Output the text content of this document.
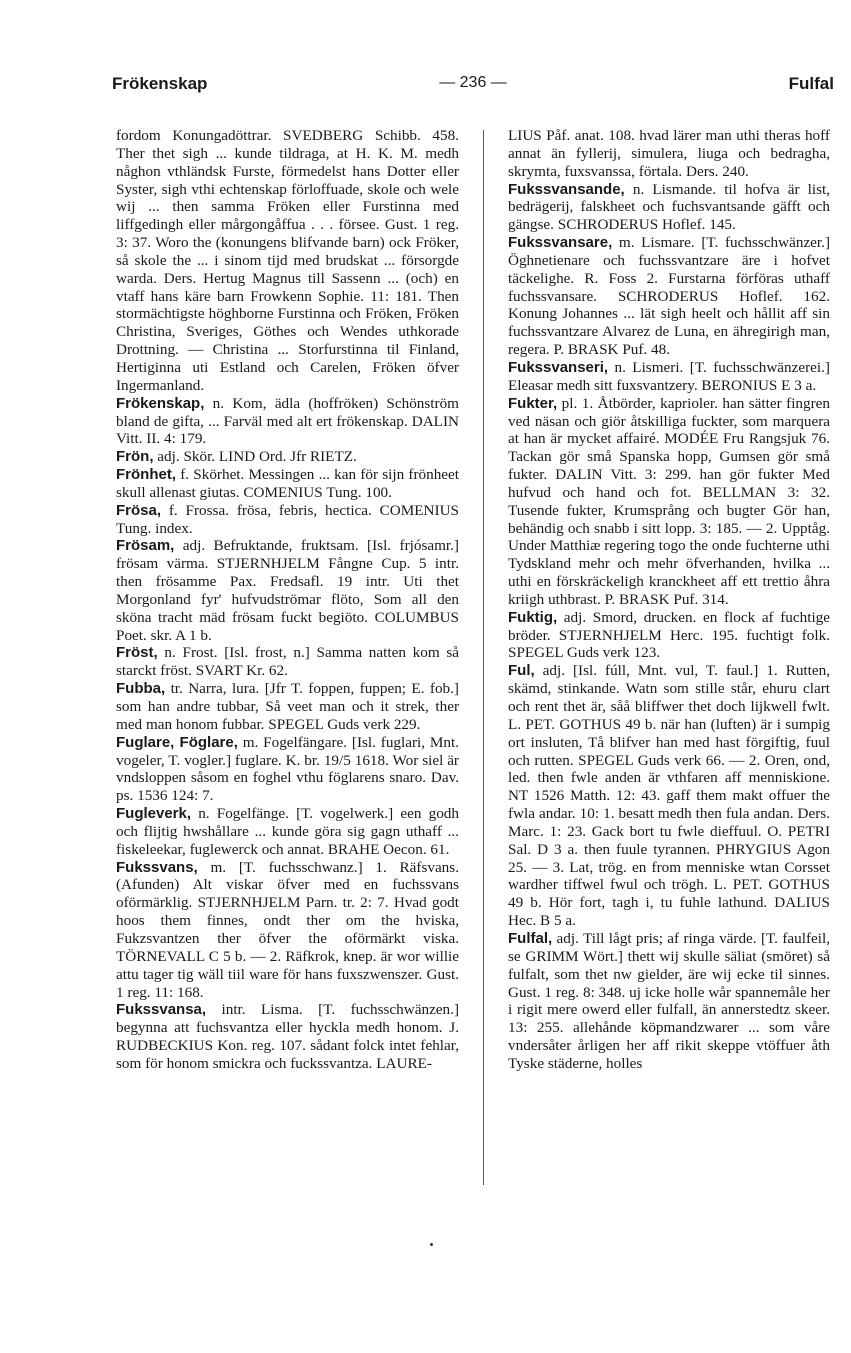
Frökenskap	— 236 —	Fulfal

fordom Konungadöttrar. SVEDBERG Schibb. 458. Ther thet sigh ... kunde tildraga, at H. K. M. medh någhon vthländsk Furste, förmedelst hans Dotter eller Syster, sigh vthi echtenskap förloffuade, skole och wele wij ... then samma Fröken eller Furstinna med liffgedingh eller mårgongåffua . . . försee. Gust. 1 reg. 3: 37. Woro the (konungens blifvande barn) ock Fröker, så skole the ... i sinom tijd med brudskat ... försorgde warda. Ders. Hertug Magnus till Sassenn ... (och) en vtaff hans käre barn Frowkenn Sophie. 11: 181. Then stormächtigste höghborne Furstinna och Fröken, Fröken Christina, Sveriges, Göthes och Wendes uthkorade Drottning. — Christina ... Storfurstinna til Finland, Hertiginna uti Estland och Carelen, Fröken öfver Ingermanland.

Frökenskap, n. Kom, ädla (hoffröken) Schönström bland de gifta, ... Farväl med alt ert frökenskap. DALIN Vitt. II. 4: 179.

Frön, adj. Skör. LIND Ord. Jfr RIETZ.

Frönhet, f. Skörhet. Messingen ... kan för sijn frönheet skull allenast giutas. COMENIUS Tung. 100.

Frösa, f. Frossa. frösa, febris, hectica. COMENIUS Tung. index.

Frösam, adj. Befruktande, fruktsam. [Isl. frjósamr.] frösam värma. STJERNHJELM Fångne Cup. 5 intr. then frösamme Pax. Fredsafl. 19 intr. Uti thet Morgonland fyr' hufvudströmar flöto, Som all den sköna tracht mäd frösam fuckt begiöto. COLUMBUS Poet. skr. A 1 b.

Fröst, n. Frost. [Isl. frost, n.] Samma natten kom så starckt fröst. SVART Kr. 62.

Fubba, tr. Narra, lura. [Jfr T. foppen, fuppen; E. fob.] som han andre tubbar, Så veet man och it strek, ther med man honom fubbar. SPEGEL Guds verk 229.

Fuglare, Föglare, m. Fogelfängare. [Isl. fuglari, Mnt. vogeler, T. vogler.] fuglare. K. br. 19/5 1618. Wor siel är vndsloppen såsom en foghel vthu föglarens snaro. Dav. ps. 1536 124: 7.

Fugleverk, n. Fogelfänge. [T. vogelwerk.] een godh och flijtig hwshållare ... kunde göra sig gagn uthaff ... fiskeleekar, fuglewerck och annat. BRAHE Oecon. 61.

Fukssvans, m. [T. fuchsschwanz.] 1. Räfsvans. (Afunden) Alt viskar öfver med en fuchssvans oförmärklig. STJERNHJELM Parn. tr. 2: 7. Hvad godt hoos them finnes, ondt ther om the hviska, Fukzsvantzen ther öfver the oförmärkt viska. TÖRNEVALL C 5 b. — 2. Räfkrok, knep. är wor willie attu tager tig wäll tiil ware för hans fuxszwenszer. Gust. 1 reg. 11: 168.

Fukssvansa, intr. Lisma. [T. fuchsschwänzen.] begynna att fuchsvantza eller hyckla medh honom. J. RUDBECKIUS Kon. reg. 107. sådant folck intet fehlar, som för honom smickra och fuckssvantza. LAURE-

LIUS Påf. anat. 108. hvad lärer man uthi theras hoff annat än fyllerij, simulera, liuga och bedragha, skrymta, fuxsvanssa, förtala. Ders. 240.

Fukssvansande, n. Lismande. til hofva är list, bedrägerij, falskheet och fuchsvantsande gäfft och gängse. SCHRODERUS Hoflef. 145.

Fukssvansare, m. Lismare. [T. fuchsschwänzer.] Öghnetienare och fuchssvantzare äre i hofvet täckelighe. R. Foss 2. Furstarna förföras uthaff fuchssvansare. SCHRODERUS Hoflef. 162. Konung Johannes ... lät sigh heelt och hållit aff sin fuchssvantzare Alvarez de Luna, en ähregirigh man, regera. P. BRASK Puf. 48.

Fukssvanseri, n. Lismeri. [T. fuchsschwänzerei.] Eleasar medh sitt fuxsvantzery. BERONIUS E 3 a.

Fukter, pl. 1. Åtbörder, kaprioler. han sätter fingren ved näsan och giör åtskilliga fuckter, som marquera at han är mycket affairé. MODÉE Fru Rangsjuk 76. Tackan gör små Spanska hopp, Gumsen gör små fukter. DALIN Vitt. 3: 299. han gör fukter Med hufvud och hand och fot. BELLMAN 3: 32. Tusende fukter, Krumsprång och bugter Gör han, behändig och snabb i sitt lopp. 3: 185. — 2. Upptåg. Under Matthiæ regering togo the onde fuchterne uthi Tydskland mehr och mehr öfverhanden, hvilka ... uthi en förskräckeligh kranckheet aff ett trettio åhra kriigh uthbrast. P. BRASK Puf. 314.

Fuktig, adj. Smord, drucken. en flock af fuchtige bröder. STJERNHJELM Herc. 195. fuchtigt folk. SPEGEL Guds verk 123.

Ful, adj. [Isl. fúll, Mnt. vul, T. faul.] 1. Rutten, skämd, stinkande. Watn som stille står, ehuru clart och rent thet är, såå bliffwer thet doch lijkwell fwlt. L. PET. GOTHUS 49 b. när han (luften) är i sumpig ort insluten, Tå blifver han med hast förgiftig, fuul och rutten. SPEGEL Guds verk 66. — 2. Oren, ond, led. then fwle anden är vthfaren aff menniskione. NT 1526 Matth. 12: 43. gaff them makt offuer the fwla andar. 10: 1. besatt medh then fula andan. Ders. Marc. 1: 23. Gack bort tu fwle dieffuul. O. PETRI Sal. D 3 a. then fuule tyrannen. PHRYGIUS Agon 25. — 3. Lat, trög. en from menniske wtan Corsset wardher tiffwel fwul och trögh. L. PET. GOTHUS 49 b. Hör fort, tagh i, tu fuhle lathund. DALIUS Hec. B 5 a.

Fulfal, adj. Till lågt pris; af ringa värde. [T. faulfeil, se GRIMM Wört.] thett wij skulle säliat (smöret) så fulfalt, som thet nw gielder, äre wij ecke til sinnes. Gust. 1 reg. 8: 348. uj icke holle wår spannemåle her i rigit mere owerd eller fulfall, än annerstedtz skeer. 13: 255. allehånde köpmandzwarer ... som våre vndersåter årligen her aff rikit skeppe vtöffuer åth Tyske städerne, holles
